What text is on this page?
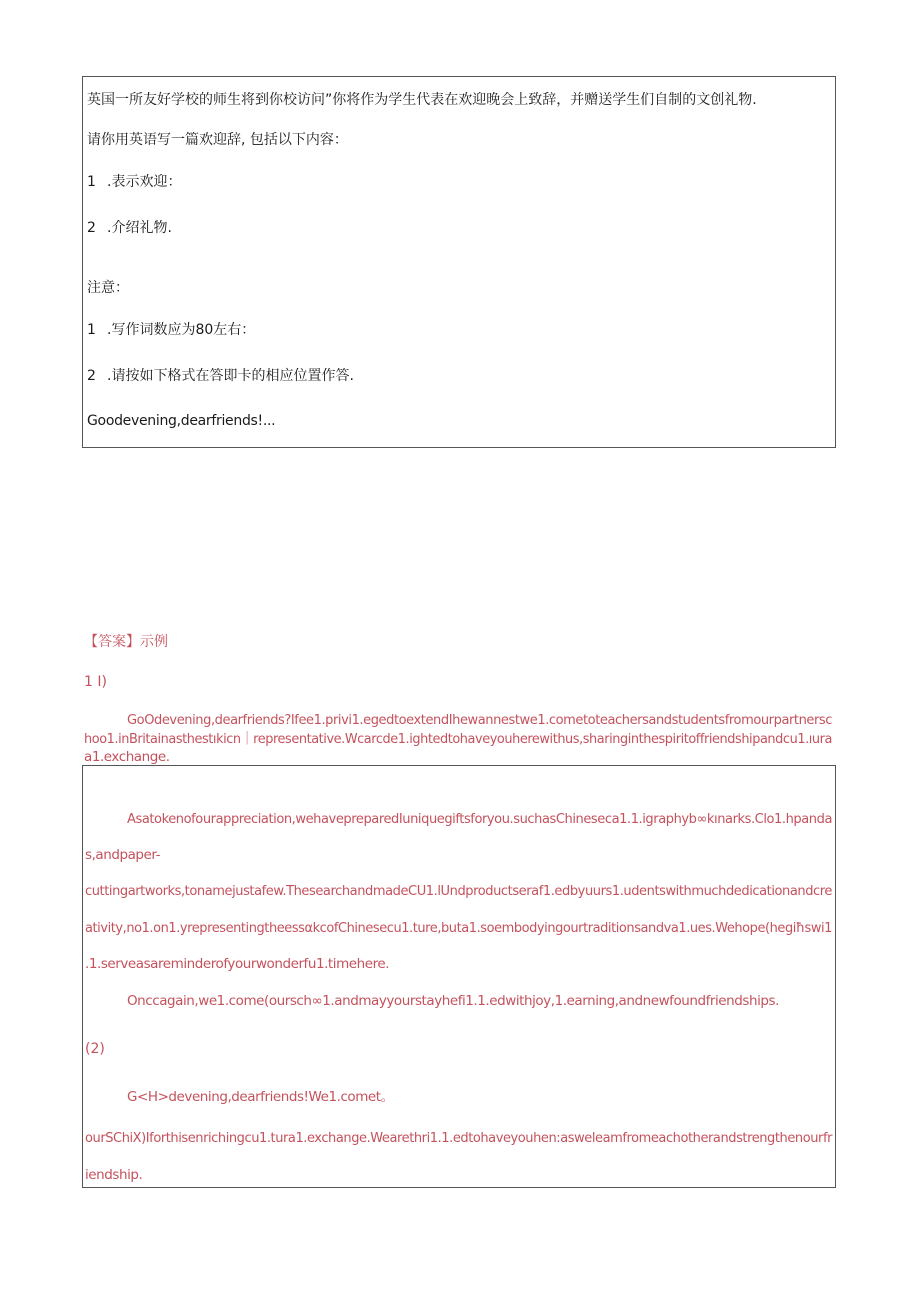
英国一所友好学校的师生将到你校访问”你将作为学生代表在欢迎晚会上致辞，并赠送学生们自制的文创礼物.
请你用英语写一篇欢迎辞, 包括以下内容：
1 .表示欢迎：
2 .介绍礼物.
注意：
1 .写作词数应为80左右：
2 .请按如下格式在答即卡的相应位置作答.
Goodevening,dearfriends!...
【答案】示例
1 I)
GoOdevening,dearfriends?Ifee1.privi1.egedtoextendIhewannestwe1.cometoteachersandstudentsfromourpartnersc
hoo1.inBritainasthestıkicn｜representative.Wcarcde1.ightedtohaveyouherewithus,sharinginthespiritoffriendshipandcu1.ıura
a1.exchange.
Asatokenofourappreciation,wehavepreparedIuniquegiftsforyou.suchasChineseca1.1.igraphyb∞kınarks.Clo1.hpanda
s,andpaper-
cuttingartworks,tonamejustafew.ThesearchandmadeCU1.lUndproductseraf1.edbyuurs1.udentswithmuchdedicationandcre
ativity,no1.on1.yrepresentingtheessαkcofChinesecu1.ture,buta1.soembodyingourtraditionsandva1.ues.Wehope(hegiħswi1
.1.serveasareminderofyourwonderfu1.timehere.
Onccagain,we1.come(oursch∞1.andmayyourstayhefi1.1.edwithjoy,1.earning,andnewfoundfriendships.
(2)
G<H>devening,dearfriends!We1.comet。
ourSChiX)Iforthisenrichingcu1.tura1.exchange.Wearethri1.1.edtohaveyouhen:asweleamfromeachotherandstrengthenourfr
iendship.
